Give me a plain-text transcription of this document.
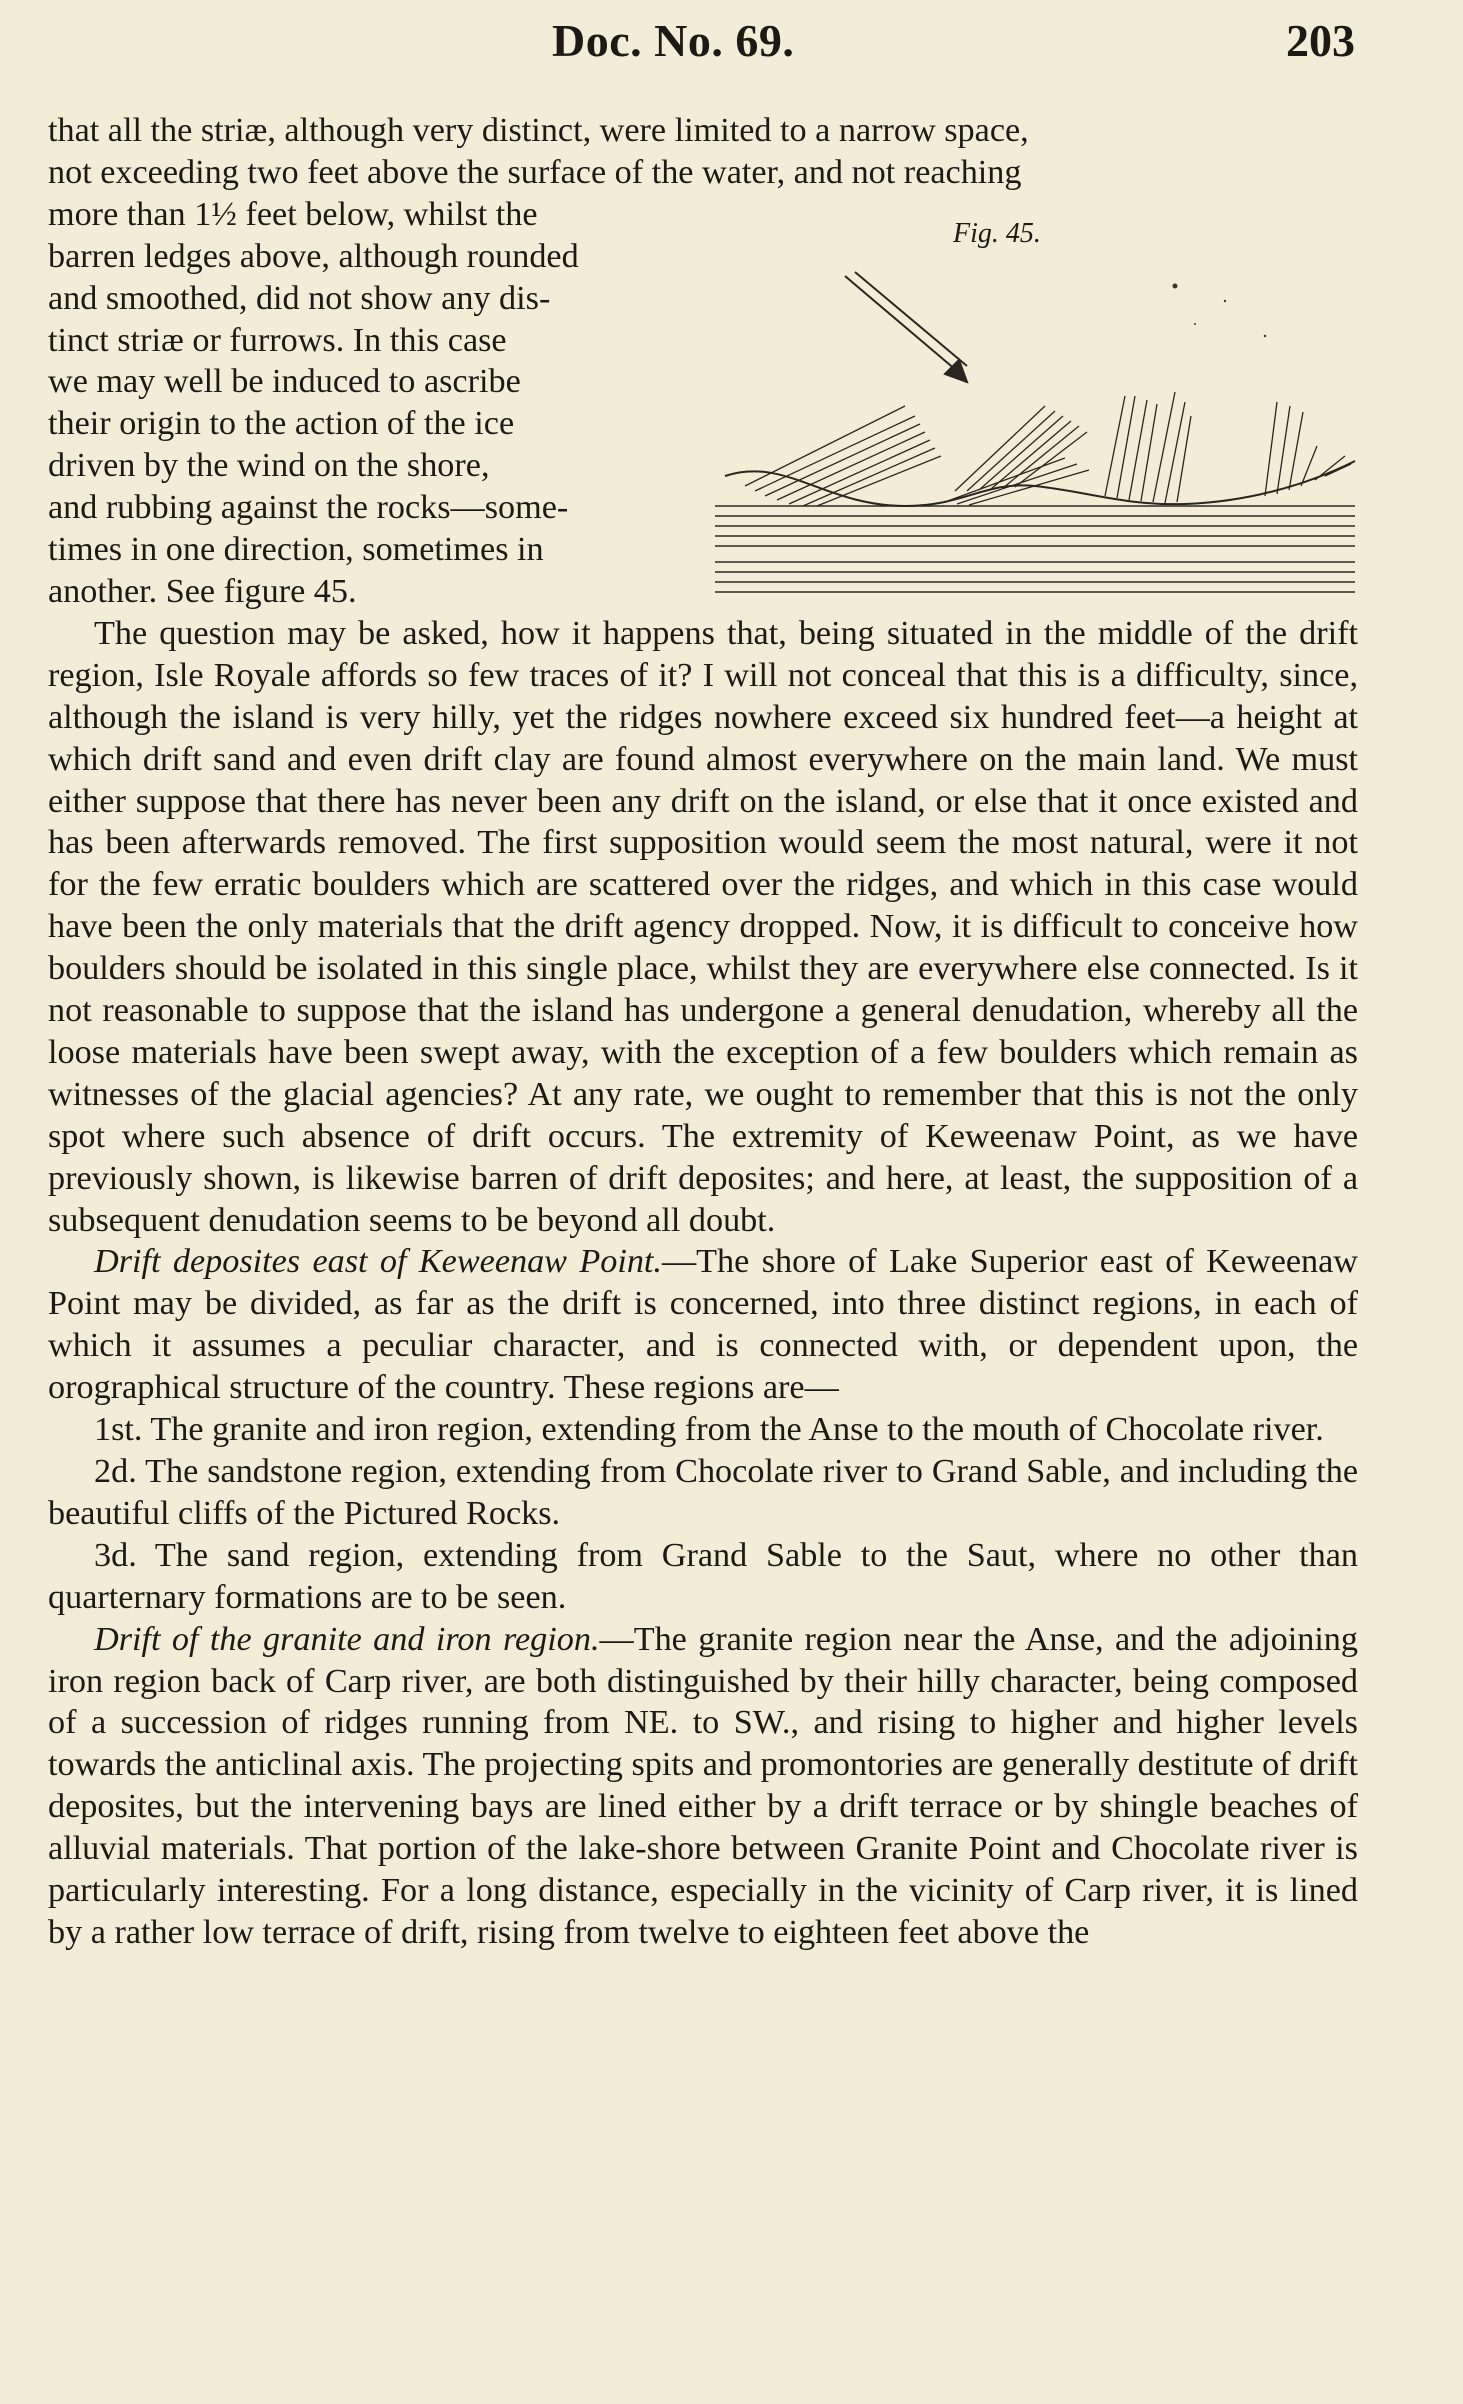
Doc. No. 69.	203
Fig. 45.

that all the striæ, although very distinct, were limited to a narrow space,

not exceeding two feet above the surface of the water, and not reaching

more than 1½ feet below, whilst the

barren ledges above, although rounded

and smoothed, did not show any dis-

tinct striæ or furrows. In this case

we may well be induced to ascribe

their origin to the action of the ice

driven by the wind on the shore,

and rubbing against the rocks—some-

times in one direction, sometimes in

another. See figure 45.

The question may be asked, how it happens that, being situated in the middle of the drift region, Isle Royale affords so few traces of it? I will not conceal that this is a difficulty, since, although the island is very hilly, yet the ridges nowhere exceed six hundred feet—a height at which drift sand and even drift clay are found almost everywhere on the main land. We must either suppose that there has never been any drift on the island, or else that it once existed and has been afterwards removed. The first supposition would seem the most natural, were it not for the few erratic boulders which are scattered over the ridges, and which in this case would have been the only materials that the drift agency dropped. Now, it is difficult to conceive how boulders should be isolated in this single place, whilst they are everywhere else connected. Is it not reasonable to suppose that the island has undergone a general denudation, whereby all the loose materials have been swept away, with the exception of a few boulders which remain as witnesses of the glacial agencies? At any rate, we ought to remember that this is not the only spot where such absence of drift occurs. The extremity of Keweenaw Point, as we have previously shown, is likewise barren of drift deposites; and here, at least, the supposition of a subsequent denudation seems to be beyond all doubt.

Drift deposites east of Keweenaw Point.—The shore of Lake Superior east of Keweenaw Point may be divided, as far as the drift is concerned, into three distinct regions, in each of which it assumes a peculiar character, and is connected with, or dependent upon, the orographical structure of the country. These regions are—

1st. The granite and iron region, extending from the Anse to the mouth of Chocolate river.

2d. The sandstone region, extending from Chocolate river to Grand Sable, and including the beautiful cliffs of the Pictured Rocks.

3d. The sand region, extending from Grand Sable to the Saut, where no other than quarternary formations are to be seen.

Drift of the granite and iron region.—The granite region near the Anse, and the adjoining iron region back of Carp river, are both distinguished by their hilly character, being composed of a succession of ridges running from NE. to SW., and rising to higher and higher levels towards the anticlinal axis. The projecting spits and promontories are generally destitute of drift deposites, but the intervening bays are lined either by a drift terrace or by shingle beaches of alluvial materials. That portion of the lake-shore between Granite Point and Chocolate river is particularly interesting. For a long distance, especially in the vicinity of Carp river, it is lined by a rather low terrace of drift, rising from twelve to eighteen feet above the
